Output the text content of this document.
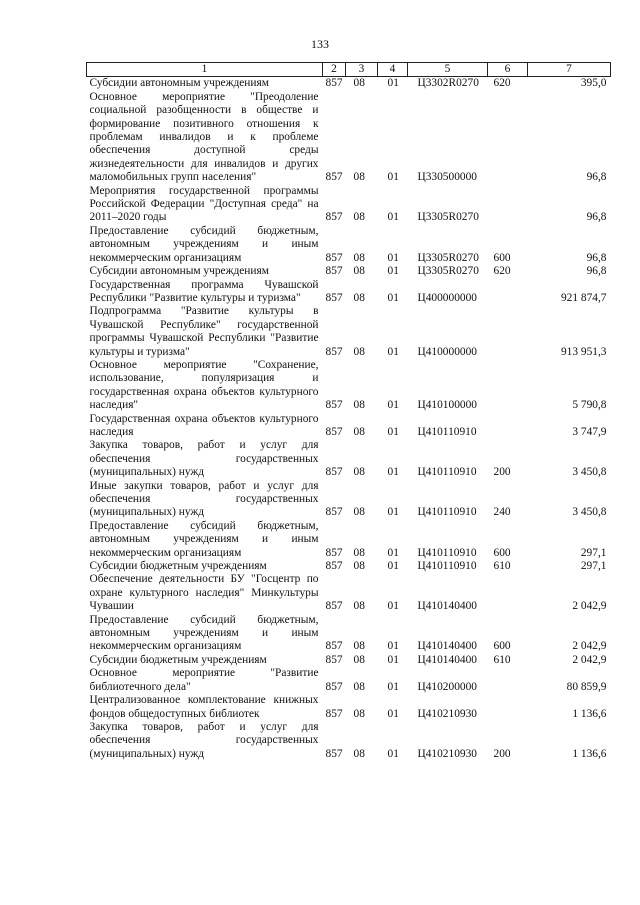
133
1	2	3	4	5	6	7
Субсидии автономным учреждениям	857	08	01	Ц3302R0270	620	395,0
Основное мероприятие "Преодоление социальной разобщенности в обществе и формирование позитивного отношения к проблемам инвалидов и к проблеме обеспечения доступной среды жизнедеятельности для инвалидов и других маломобильных групп населения"	857	08	01	Ц330500000		96,8
Мероприятия государственной программы Российской Федерации "Доступная среда" на 2011–2020 годы	857	08	01	Ц3305R0270		96,8
Предоставление субсидий бюджетным, автономным учреждениям и иным некоммерческим организациям	857	08	01	Ц3305R0270	600	96,8
Субсидии автономным учреждениям	857	08	01	Ц3305R0270	620	96,8
Государственная программа Чувашской Республики "Развитие культуры и туризма"	857	08	01	Ц400000000		921 874,7
Подпрограмма "Развитие культуры в Чувашской Республике" государственной программы Чувашской Республики "Развитие культуры и туризма"	857	08	01	Ц410000000		913 951,3
Основное мероприятие "Сохранение, использование, популяризация и государственная охрана объектов культурного наследия"	857	08	01	Ц410100000		5 790,8
Государственная охрана объектов культурного наследия	857	08	01	Ц410110910		3 747,9
Закупка товаров, работ и услуг для обеспечения государственных (муниципальных) нужд	857	08	01	Ц410110910	200	3 450,8
Иные закупки товаров, работ и услуг для обеспечения государственных (муниципальных) нужд	857	08	01	Ц410110910	240	3 450,8
Предоставление субсидий бюджетным, автономным учреждениям и иным некоммерческим организациям	857	08	01	Ц410110910	600	297,1
Субсидии бюджетным учреждениям	857	08	01	Ц410110910	610	297,1
Обеспечение деятельности БУ "Госцентр по охране культурного наследия" Минкультуры Чувашии	857	08	01	Ц410140400		2 042,9
Предоставление субсидий бюджетным, автономным учреждениям и иным некоммерческим организациям	857	08	01	Ц410140400	600	2 042,9
Субсидии бюджетным учреждениям	857	08	01	Ц410140400	610	2 042,9
Основное мероприятие "Развитие библиотечного дела"	857	08	01	Ц410200000		80 859,9
Централизованное комплектование книжных фондов общедоступных библиотек	857	08	01	Ц410210930		1 136,6
Закупка товаров, работ и услуг для обеспечения государственных (муниципальных) нужд	857	08	01	Ц410210930	200	1 136,6
